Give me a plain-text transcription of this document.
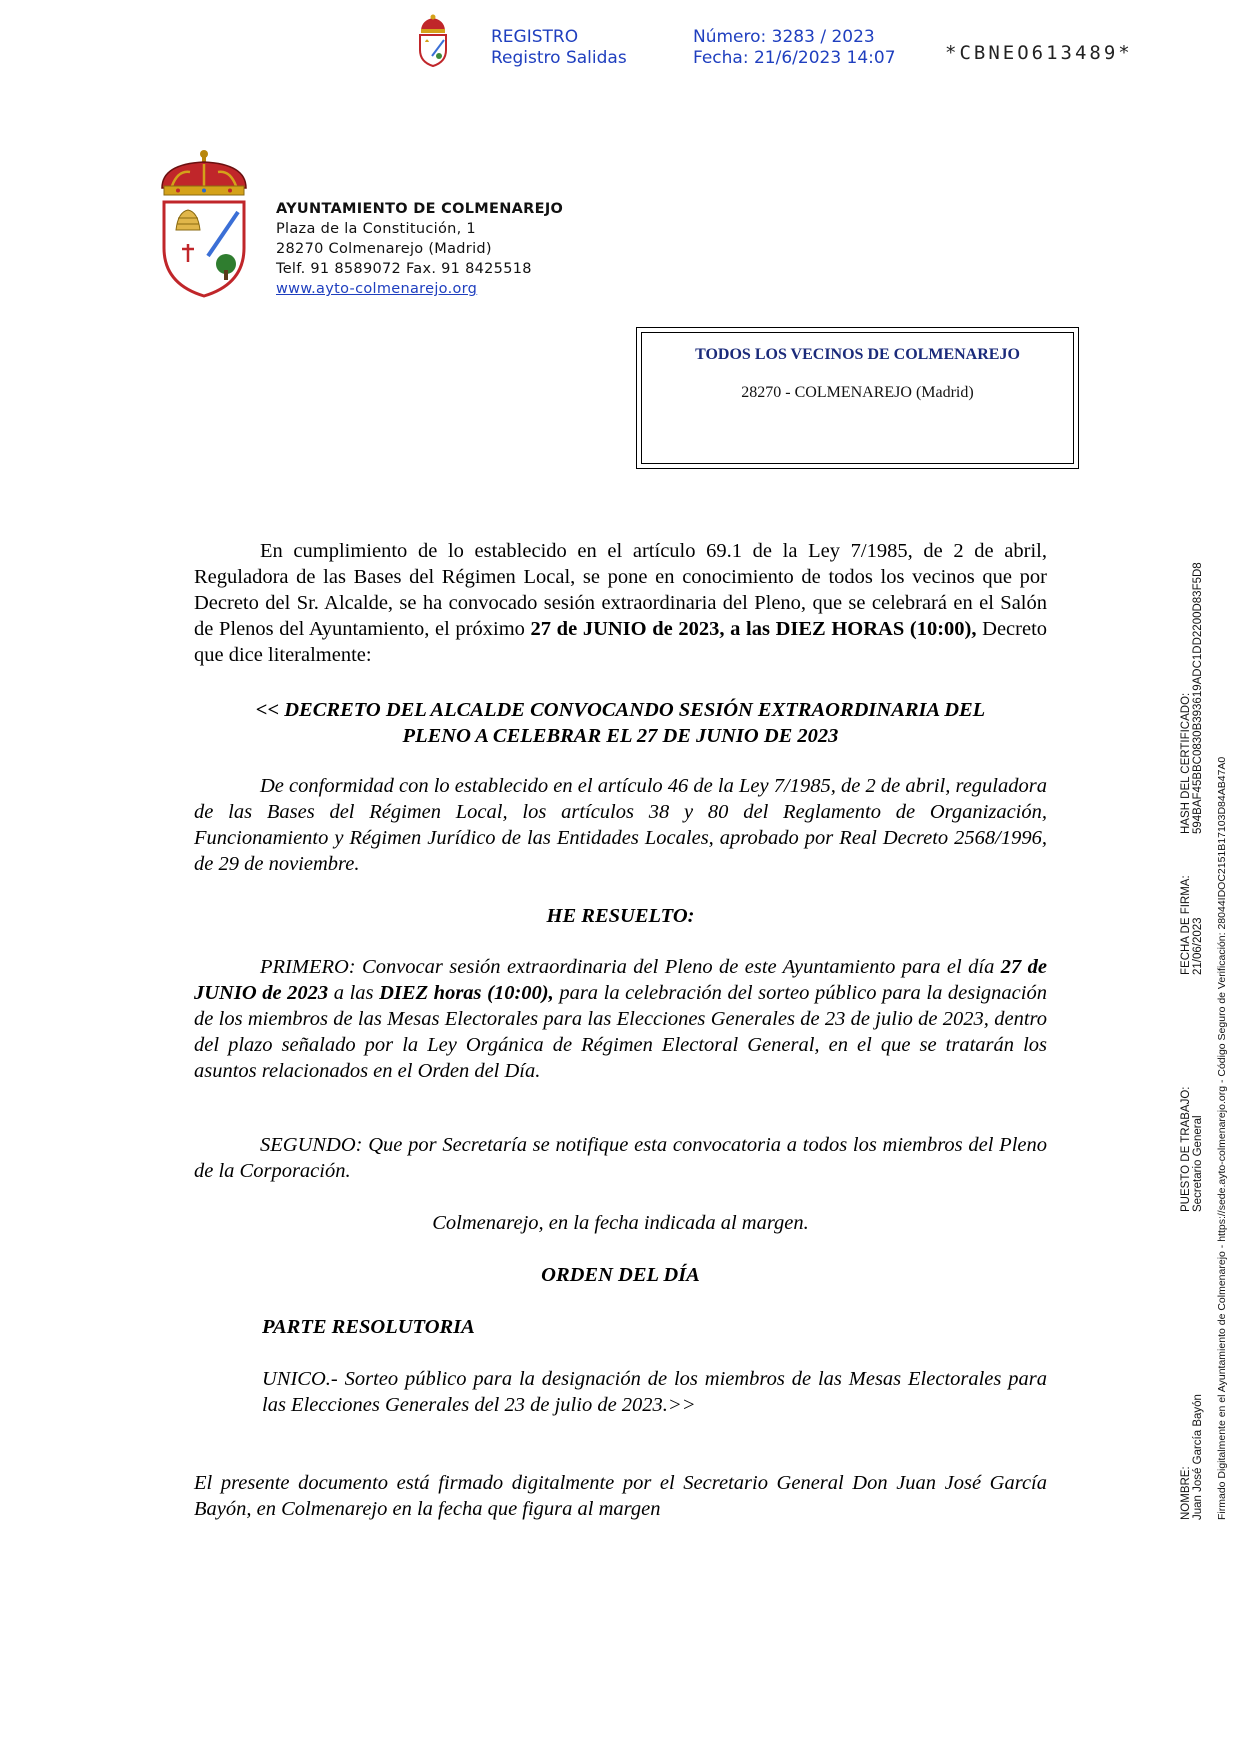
REGISTRO
Registro Salidas
Número: 3283 / 2023
Fecha: 21/6/2023 14:07	*CBNEO613489*
AYUNTAMIENTO DE COLMENAREJO
Plaza de la Constitución, 1
28270 Colmenarejo (Madrid)
Telf. 91 8589072 Fax. 91 8425518
www.ayto-colmenarejo.org
TODOS LOS VECINOS DE COLMENAREJO
28270 - COLMENAREJO (Madrid)
En cumplimiento de lo establecido en el artículo 69.1 de la Ley 7/1985, de 2 de abril, Reguladora de las Bases del Régimen Local, se pone en conocimiento de todos los vecinos que por Decreto del Sr. Alcalde, se ha convocado sesión extraordinaria del Pleno, que se celebrará en el Salón de Plenos del Ayuntamiento, el próximo 27 de JUNIO de 2023, a las DIEZ HORAS (10:00), Decreto que dice literalmente:
<< DECRETO DEL ALCALDE CONVOCANDO SESIÓN EXTRAORDINARIA DEL
PLENO A CELEBRAR EL 27 DE JUNIO DE 2023
De conformidad con lo establecido en el artículo 46 de la Ley 7/1985, de 2 de abril, reguladora de las Bases del Régimen Local, los artículos 38 y 80 del Reglamento de Organización, Funcionamiento y Régimen Jurídico de las Entidades Locales, aprobado por Real Decreto 2568/1996, de 29 de noviembre.
HE RESUELTO:
PRIMERO: Convocar sesión extraordinaria del Pleno de este Ayuntamiento para el día 27 de JUNIO de 2023 a las DIEZ horas (10:00), para la celebración del sorteo público para la designación de los miembros de las Mesas Electorales para las Elecciones Generales de 23 de julio de 2023, dentro del plazo señalado por la Ley Orgánica de Régimen Electoral General, en el que se tratarán los asuntos relacionados en el Orden del Día.
SEGUNDO: Que por Secretaría se notifique esta convocatoria a todos los miembros del Pleno de la Corporación.
Colmenarejo, en la fecha indicada al margen.
ORDEN DEL DÍA
PARTE RESOLUTORIA
UNICO.- Sorteo público para la designación de los miembros de las Mesas Electorales para las Elecciones Generales del 23 de julio de 2023.>>
El presente documento está firmado digitalmente por el Secretario General Don Juan José García Bayón, en Colmenarejo en la fecha que figura al margen	NOMBRE: Juan José García Bayón
PUESTO DE TRABAJO: Secretario General
FECHA DE FIRMA: 21/06/2023
HASH DEL CERTIFICADO: 594BAF45BBC0830B393619ADC1DD2200D83F5D8
Firmado Digitalmente en el Ayuntamiento de Colmenarejo - https://sede.ayto-colmenarejo.org - Código Seguro de Verificación: 28044IDOC2151B17103D84AB47A0
